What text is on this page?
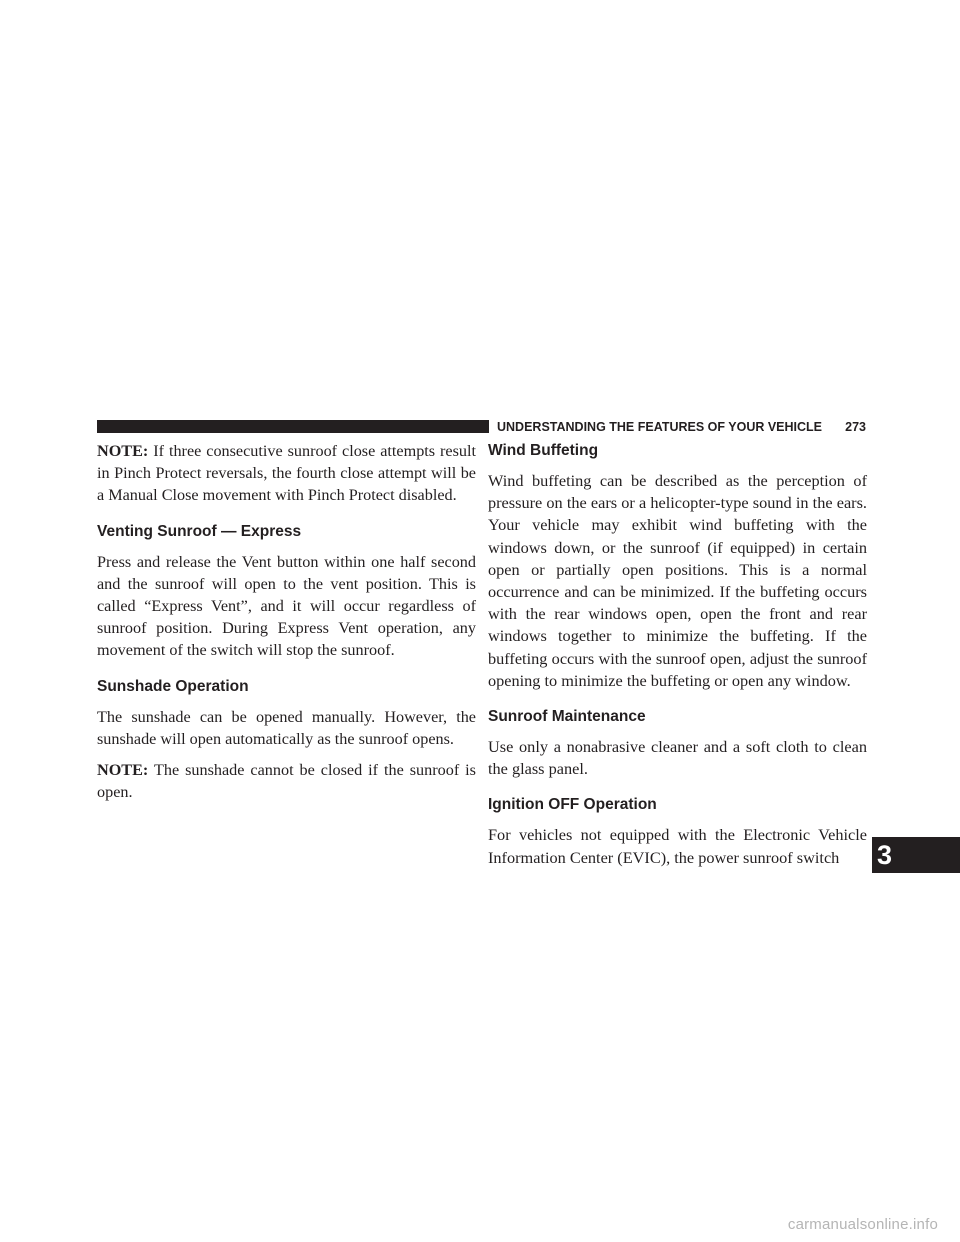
UNDERSTANDING THE FEATURES OF YOUR VEHICLE 273

NOTE: If three consecutive sunroof close attempts result in Pinch Protect reversals, the fourth close attempt will be a Manual Close movement with Pinch Protect disabled.

Venting Sunroof — Express

Press and release the Vent button within one half second and the sunroof will open to the vent position. This is called “Express Vent”, and it will occur regardless of sunroof position. During Express Vent operation, any movement of the switch will stop the sunroof.

Sunshade Operation

The sunshade can be opened manually. However, the sunshade will open automatically as the sunroof opens.

NOTE: The sunshade cannot be closed if the sunroof is open.

Wind Buffeting

Wind buffeting can be described as the perception of pressure on the ears or a helicopter-type sound in the ears. Your vehicle may exhibit wind buffeting with the windows down, or the sunroof (if equipped) in certain open or partially open positions. This is a normal occurrence and can be minimized. If the buffeting occurs with the rear windows open, open the front and rear windows together to minimize the buffeting. If the buffeting occurs with the sunroof open, adjust the sunroof opening to minimize the buffeting or open any window.

Sunroof Maintenance

Use only a nonabrasive cleaner and a soft cloth to clean the glass panel.

Ignition OFF Operation

For vehicles not equipped with the Electronic Vehicle Information Center (EVIC), the power sunroof switch	3
carmanualsonline.info
